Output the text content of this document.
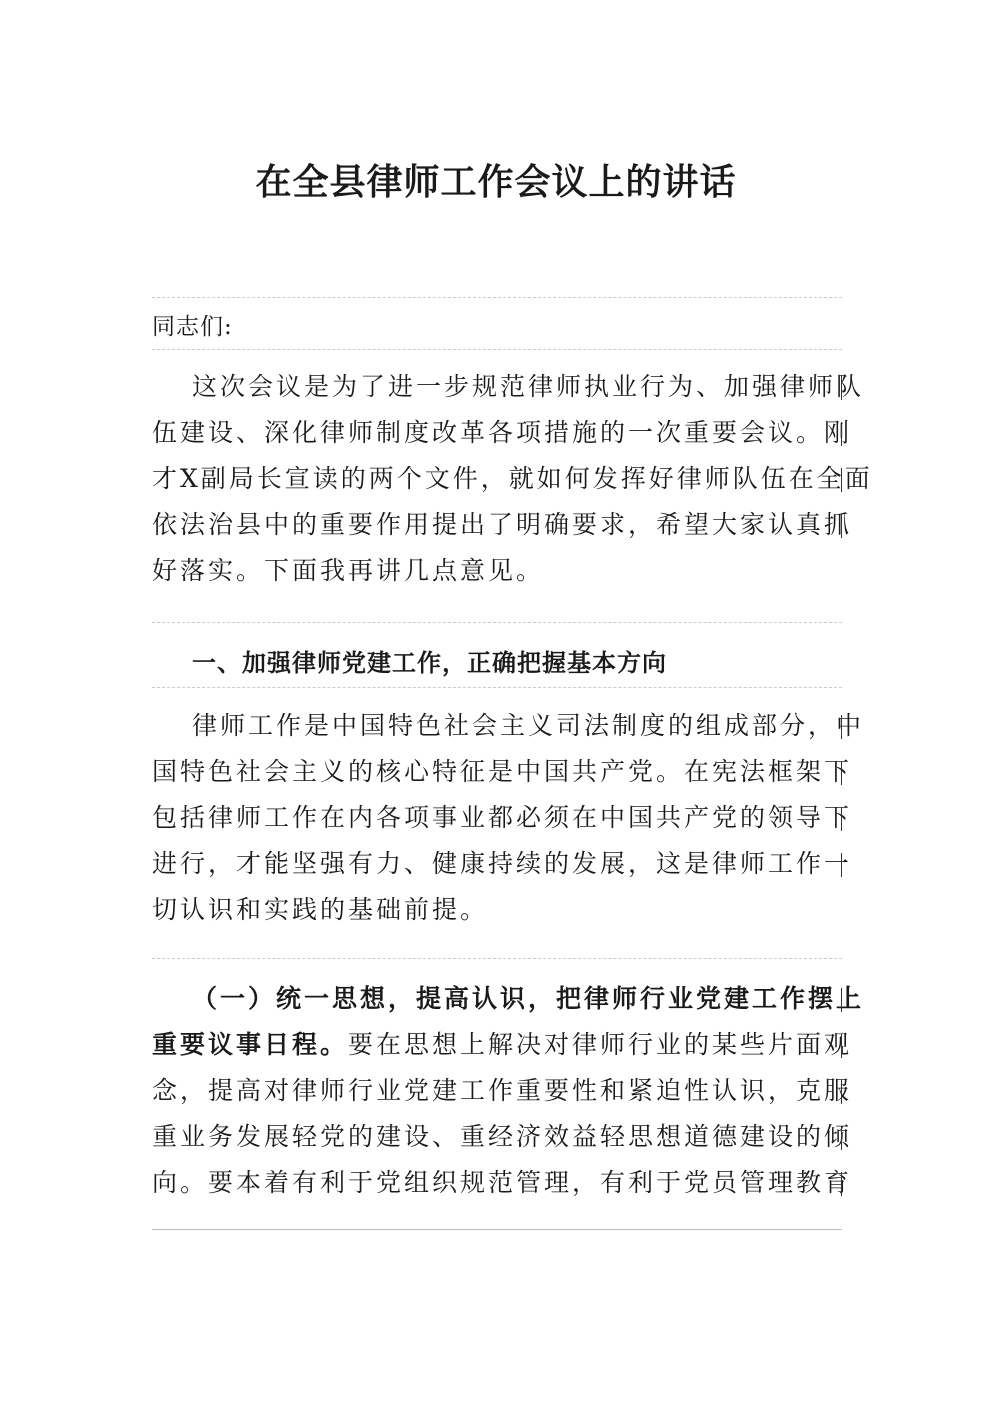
在全县律师工作会议上的讲话
同志们:
这次会议是为了进一步规范律师执业行为、加强律师队
伍建设、深化律师制度改革各项措施的一次重要会议。刚
才X副局长宣读的两个文件，就如何发挥好律师队伍在全面
依法治县中的重要作用提出了明确要求，希望大家认真抓
好落实。下面我再讲几点意见。
一、加强律师党建工作，正确把握基本方向
律师工作是中国特色社会主义司法制度的组成部分，中
国特色社会主义的核心特征是中国共产党。在宪法框架下
包括律师工作在内各项事业都必须在中国共产党的领导下
进行，才能坚强有力、健康持续的发展，这是律师工作一
切认识和实践的基础前提。
（一）统一思想，提高认识，把律师行业党建工作摆上
重要议事日程。要在思想上解决对律师行业的某些片面观
念，提高对律师行业党建工作重要性和紧迫性认识，克服
重业务发展轻党的建设、重经济效益轻思想道德建设的倾
向。要本着有利于党组织规范管理，有利于党员管理教育
